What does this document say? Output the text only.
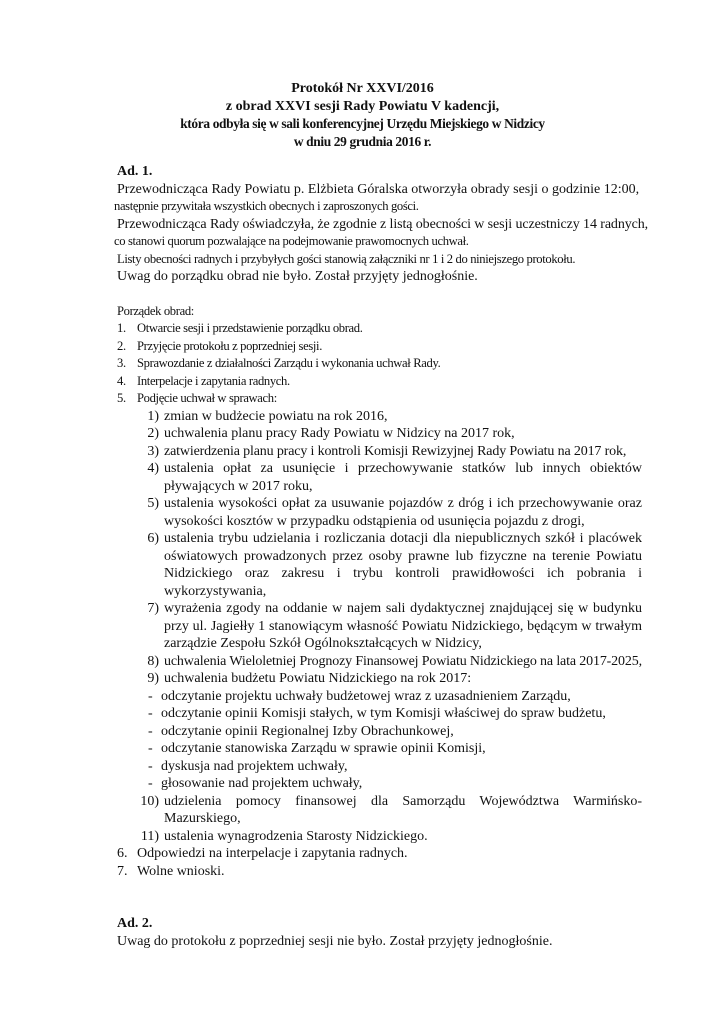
Protokół Nr XXVI/2016
z obrad XXVI sesji Rady Powiatu V kadencji,
która odbyła się w sali konferencyjnej Urzędu Miejskiego w Nidzicy
w dniu 29 grudnia 2016 r.
Ad. 1.
Przewodnicząca Rady Powiatu p. Elżbieta Góralska otworzyła obrady sesji o godzinie 12:00,
następnie przywitała wszystkich obecnych i zaproszonych gości.
Przewodnicząca Rady oświadczyła, że zgodnie z listą obecności w sesji uczestniczy 14 radnych,
co stanowi quorum pozwalające na podejmowanie prawomocnych uchwał.
Listy obecności radnych i przybyłych gości stanowią załączniki nr 1 i 2 do niniejszego protokołu.
Uwag do porządku obrad nie było. Został przyjęty jednogłośnie.
Porządek obrad:
1. Otwarcie sesji i przedstawienie porządku obrad.
2. Przyjęcie protokołu z poprzedniej sesji.
3. Sprawozdanie z działalności Zarządu i wykonania uchwał Rady.
4. Interpelacje i zapytania radnych.
5. Podjęcie uchwał w sprawach:
1) zmian w budżecie powiatu na rok 2016,
2) uchwalenia planu pracy Rady Powiatu w Nidzicy na 2017 rok,
3) zatwierdzenia planu pracy i kontroli Komisji Rewizyjnej Rady Powiatu na 2017 rok,
4) ustalenia opłat za usunięcie i przechowywanie statków lub innych obiektów pływających w 2017 roku,
5) ustalenia wysokości opłat za usuwanie pojazdów z dróg i ich przechowywanie oraz wysokości kosztów w przypadku odstąpienia od usunięcia pojazdu z drogi,
6) ustalenia trybu udzielania i rozliczania dotacji dla niepublicznych szkół i placówek oświatowych prowadzonych przez osoby prawne lub fizyczne na terenie Powiatu Nidzickiego oraz zakresu i trybu kontroli prawidłowości ich pobrania i wykorzystywania,
7) wyrażenia zgody na oddanie w najem sali dydaktycznej znajdującej się w budynku przy ul. Jagiełły 1 stanowiącym własność Powiatu Nidzickiego, będącym w trwałym zarządzie Zespołu Szkół Ogólnokształcących w Nidzicy,
8) uchwalenia Wieloletniej Prognozy Finansowej Powiatu Nidzickiego na lata 2017-2025,
9) uchwalenia budżetu Powiatu Nidzickiego na rok 2017:
- odczytanie projektu uchwały budżetowej wraz z uzasadnieniem Zarządu,
- odczytanie opinii Komisji stałych, w tym Komisji właściwej do spraw budżetu,
- odczytanie opinii Regionalnej Izby Obrachunkowej,
- odczytanie stanowiska Zarządu w sprawie opinii Komisji,
- dyskusja nad projektem uchwały,
- głosowanie nad projektem uchwały,
10) udzielenia pomocy finansowej dla Samorządu Województwa Warmińsko-Mazurskiego,
11) ustalenia wynagrodzenia Starosty Nidzickiego.
6. Odpowiedzi na interpelacje i zapytania radnych.
7. Wolne wnioski.
Ad. 2.
Uwag do protokołu z poprzedniej sesji nie było. Został przyjęty jednogłośnie.
